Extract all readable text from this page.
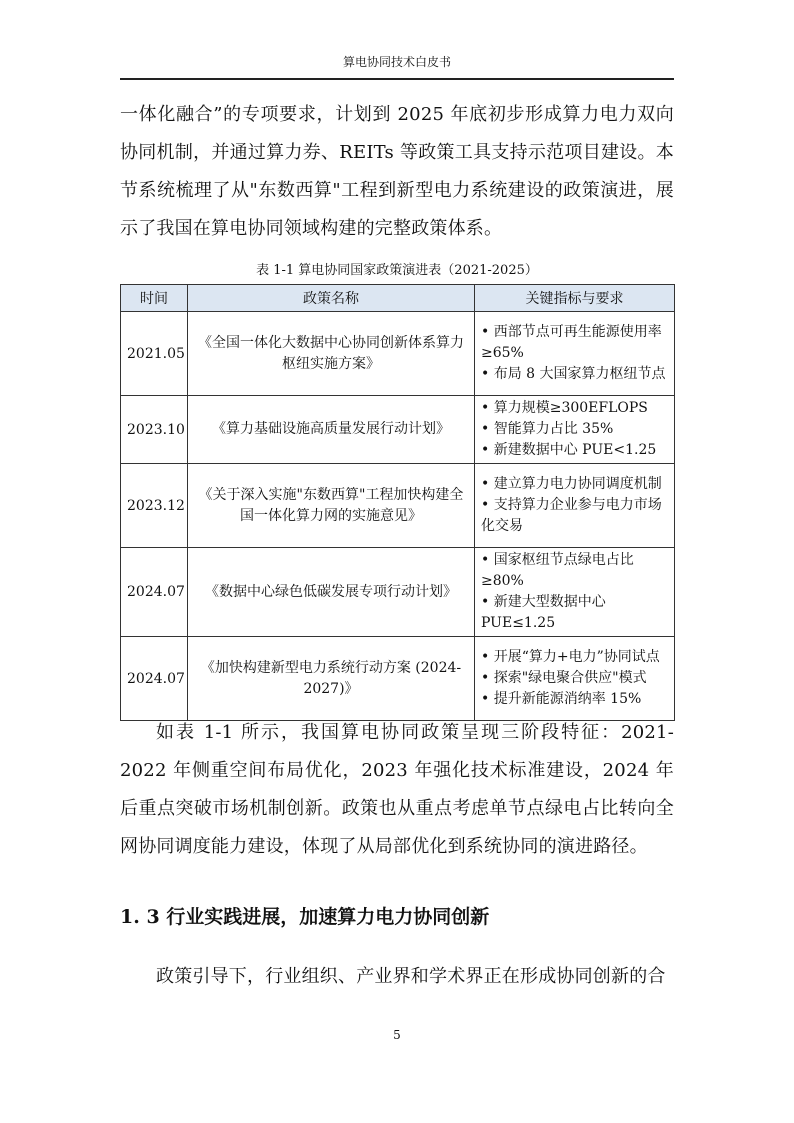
算电协同技术白皮书

一体化融合”的专项要求，计划到 2025 年底初步形成算力电力双向协同机制，并通过算力券、REITs 等政策工具支持示范项目建设。本节系统梳理了从"东数西算"工程到新型电力系统建设的政策演进，展示了我国在算电协同领域构建的完整政策体系。

表 1-1 算电协同国家政策演进表（2021-2025）
时间	政策名称	关键指标与要求
2021.05	《全国一体化大数据中心协同创新体系算力枢纽实施方案》	• 西部节点可再生能源使用率≥65%
• 布局 8 大国家算力枢纽节点

2023.10	《算力基础设施高质量发展行动计划》	• 算力规模≥300EFLOPS
• 智能算力占比 35%
• 新建数据中心 PUE<1.25

2023.12	《关于深入实施"东数西算"工程加快构建全国一体化算力网的实施意见》	• 建立算力电力协同调度机制
• 支持算力企业参与电力市场化交易

2024.07	《数据中心绿色低碳发展专项行动计划》	• 国家枢纽节点绿电占比≥80%
• 新建大型数据中心 PUE≤1.25

2024.07	《加快构建新型电力系统行动方案 (2024-2027)》	• 开展“算力+电力”协同试点
• 探索"绿电聚合供应"模式
• 提升新能源消纳率 15%

如表 1-1 所示，我国算电协同政策呈现三阶段特征：2021-2022 年侧重空间布局优化，2023 年强化技术标准建设，2024 年后重点突破市场机制创新。政策也从重点考虑单节点绿电占比转向全网协同调度能力建设，体现了从局部优化到系统协同的演进路径。

1. 3 行业实践进展，加速算力电力协同创新

政策引导下，行业组织、产业界和学术界正在形成协同创新的合

5
